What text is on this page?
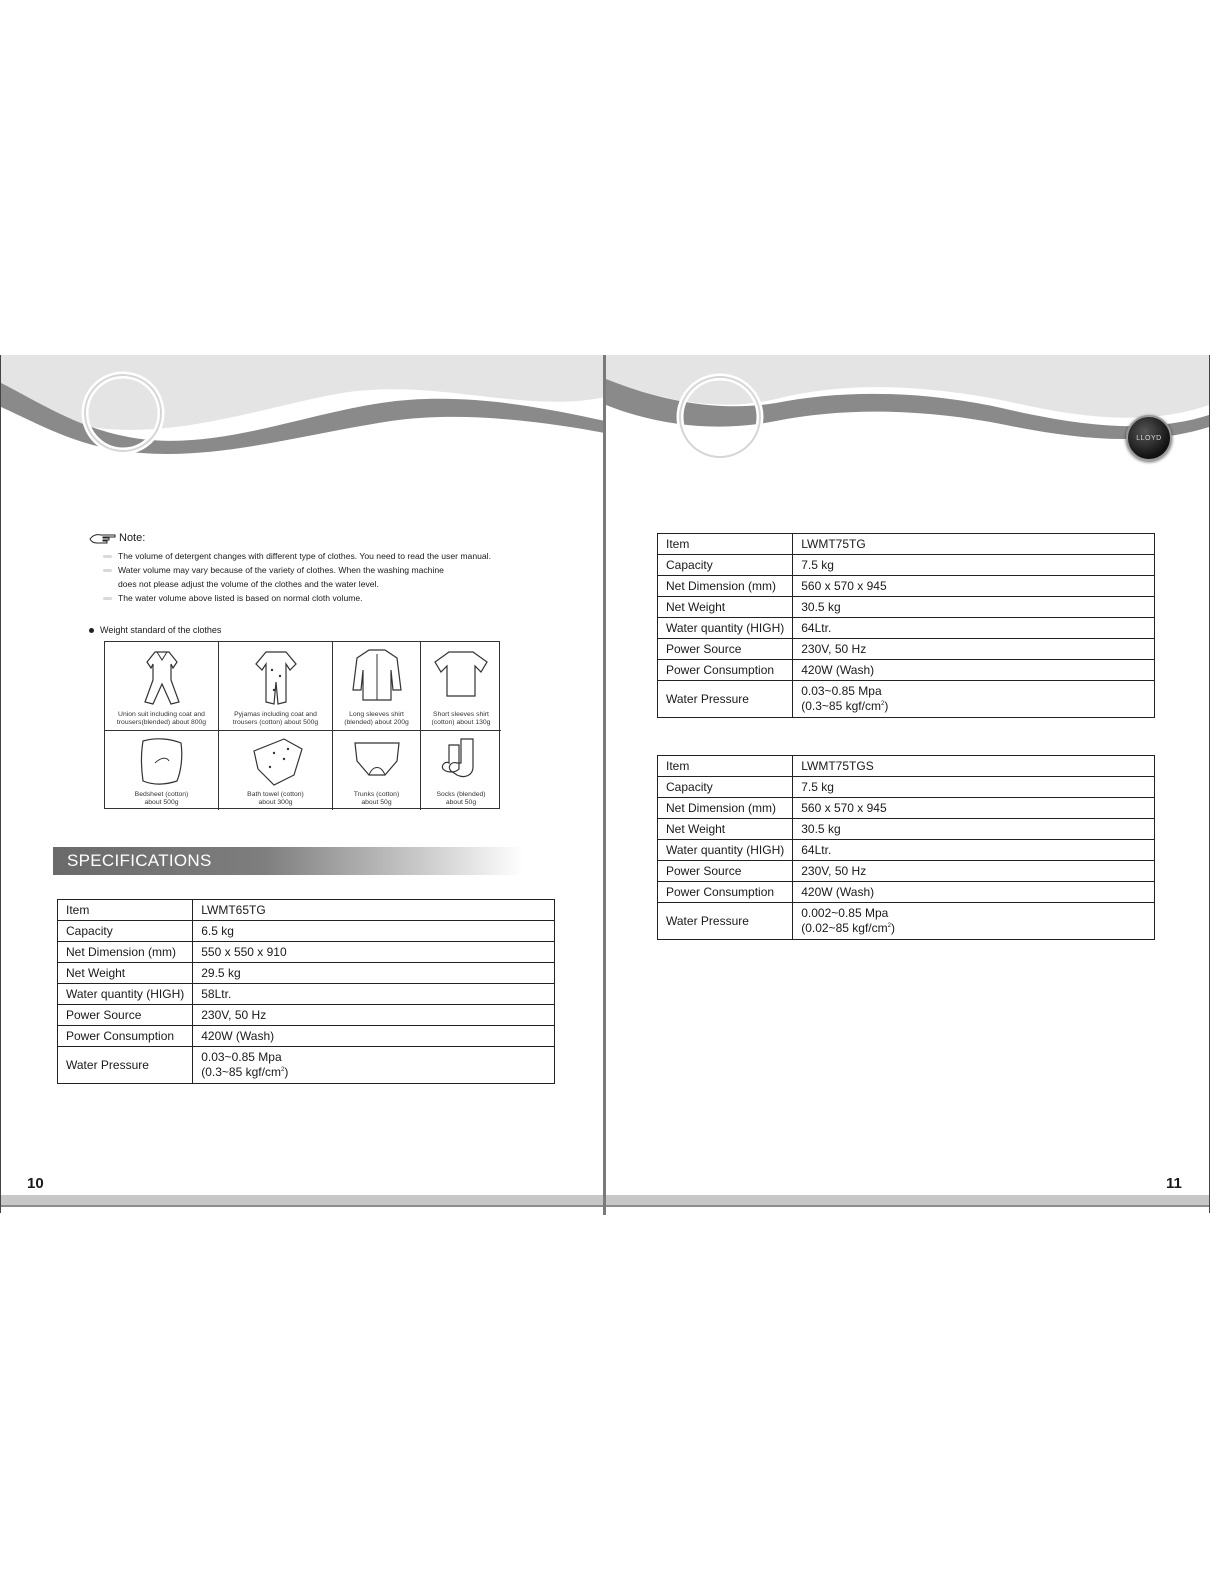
Note:
The volume of detergent changes with different type of clothes. You need to read the user manual.
Water volume may vary because of the variety of clothes. When the washing machine
does not please adjust the volume of the clothes and the water level.
The water volume above listed is based on normal cloth volume.
Weight standard of the clothes
Union suit including coat and
trousers(blended) about 800g
Pyjamas including coat and
trousers (cotton) about 500g
Long sleeves shirt
(blended) about 200g
Short sleeves shirt
(cotton) about 130g
Bedsheet (cotton)
about 500g
Bath towel (cotton)
about 300g
Trunks (cotton)
about 50g
Socks (blended)
about 50g
SPECIFICATIONS
Item	LWMT65TG
Capacity	6.5 kg
Net Dimension (mm)	550 x 550 x 910
Net Weight	29.5 kg
Water quantity (HIGH)	58Ltr.
Power Source	230V, 50 Hz
Power Consumption	420W (Wash)
Water Pressure	0.03~0.85 Mpa
(0.3~85 kgf/$cm^2$)
10
LLOYD
Item	LWMT75TG
Capacity	7.5 kg
Net Dimension (mm)	560 x 570 x 945
Net Weight	30.5 kg
Water quantity (HIGH)	64Ltr.
Power Source	230V, 50 Hz
Power Consumption	420W (Wash)
Water Pressure	0.03~0.85 Mpa
(0.3~85 kgf/$cm^2$)
Item	LWMT75TGS
Capacity	7.5 kg
Net Dimension (mm)	560 x 570 x 945
Net Weight	30.5 kg
Water quantity (HIGH)	64Ltr.
Power Source	230V, 50 Hz
Power Consumption	420W (Wash)
Water Pressure	0.002~0.85 Mpa
(0.02~85 kgf/$cm^2$)
11
